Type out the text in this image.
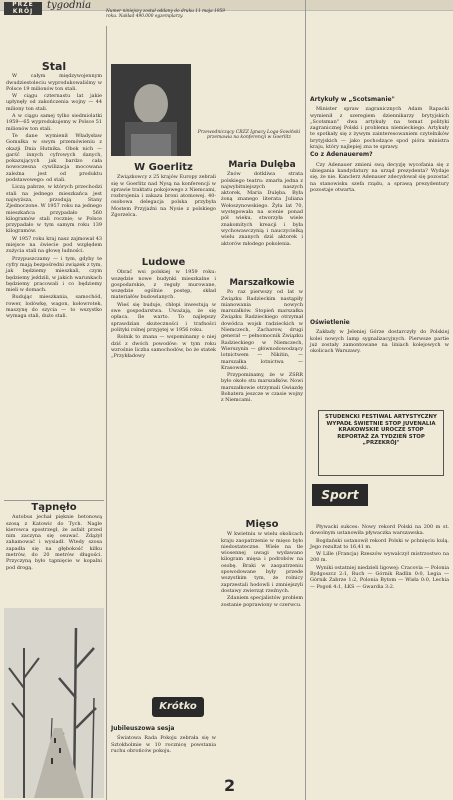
PRZE KRÓJ	tygodnia
Numer niniejszy został oddany do druku 11 maja 1959 roku. Nakład 490.000 egzemplarzy.
Stal

W całym międzywojennym dwudziestoleciu wyprodukowaliśmy w Polsce 19 milionów ton stali.

W ciągu czternastu lat jakie upłynęły od zakończenia wojny — 44 miliony ton stali.

A w ciągu samej tylko siedmiolatki 1959—65 wyprodukujemy w Polsce 51 milionów ton stali.

Te dane wymienił Władysław Gomułka w swym przemówieniu z okazji Dnia Hutnika. Obok nich — garść innych cyfrowych danych, pokazujących jak bardzo cała nowoczesna cywilizacja mocowana zależna jest od produktu podstawowego: od stali.

Liczą pabrze, w których przechodzi stali na jednego mieszkańca jest najwyższa, przodują Stany Zjednoczone. W 1957 roku na jednego mieszkańca przypadało 560 kilogramów stali rocznie; w Polsce przypadało w tym samym roku 139 kilogramów.

W 1957 roku kraj nasz zajmował 43 miejsce na świecie pod względem zużycia stali na głowę ludności.

Przypuszczamy — i tym, gdyby te cyfry mają bezpośredni związek z tym, jak będziemy mieszkali, czym będziemy jeździli, w jakich warunkach będziemy pracowali i co będziemy mieli w domach.

Budując mieszkania, samochód, rower, lodówkę, wagon, kołowrotek, maszynę do szycia — to wszystko wymaga stali, dużo stali.

Tąpnęło

Autobus jechał pięknie betonową szosą z Katowic do Tych. Nagle kierowca spostrzegł, że asfalt przed nim zaczyna się osuwać. Zdążył zahamować i wysiadł. Wtedy szosa zapadła się na głębokość kilku metrów, do 20 metrów długości. Przyczyną było tąpnięcie w kopalni pod drogą.

Przewodniczący CRZZ Ignacy Loga-Sowiński przemawia na konferencji w Goerlitz
Maria Dulęba

Znów dotkliwa strata polskiego teatru: zmarła jedna z najwybitniejszych naszych aktorek, Maria Dulęba. Była żoną znanego literata Juliana Wołoszynowskiego. Żyła lat 70, występowała na scenie ponad pół wieku, stworzyła wiele znakomitych kreacji i była wychowawczynią i nauczycielką wielu znanych dziś aktorek i aktorów młodego pokolenia.

W Goerlitz

Związkowcy z 25 krajów Europy zebrali się w Goerlitz nad Nysą na konferencji w sprawie traktatu pokojowego z Niemcami, rozbrojenia i zakazu broni atomowej. 40-osobowa delegacja polska przybyła Mostem Przyjaźni na Nysie z polskiego Zgorzelca.

Ludowe

Obrać wsi polskiej w 1959 roku: wszędzie nowe budynki mieszkalne i gospodarskie, z reguły murowane, wszędzie ogólnie postęp, skład materiałów budowlanych.

Wieś się buduje, chłopi inwestują w swe gospodarstwa. Uważają, że się opłaca. Ile warto. To najlepszy sprawdzian skuteczności i trafności polityki rolnej przyjętej w 1956 roku.

Rolnik to znana — wspominamy o niej dziś z dwóch powodów: w tym roku wzrośnie liczba samochodów, bo że statek „Przykładowy

Marszałkowie

Po raz pierwszy od lat w Związku Radzieckim nastąpiły mianowania nowych marszałków. Stopień marszałka Związku Radzieckiego otrzymał dowódca wojsk radzieckich w Niemczech, Zacharow, drugi generał — pełnomocnik Związku Radzieckiego w Niemczech, Wierszynin — głównodowodzący lotnictwem — Nikitin, — marszałka lotnictwa — Krasowski.

Przypominamy, że w ZSRR było około stu marszałków. Nowi marszałkowie otrzymali Gwiazdę Bohatera jeszcze w czasie wojny z Niemcami.

Mięso

W kwietniu w wielu okolicach kraju zaopatrzenie w mięso było niedostateczne. Wiele na tle wiosennej uwagi wydawano kilogram mięsa i podrobów na osobę. Braki w zaopatrzeniu spowodowane były przede wszystkim tym, że rolnicy zaprzestali hodowli i zmniejszyli dostawy zwierząt rzeźnych.

Zdaniem specjalistów problem zostanie poprawiony w czerwcu.

Krótko
Jubileuszowa sesja

Światowa Rada Pokoju zebrała się w Sztokholmie w 10 rocznicę powstania ruchu obrońców pokoju.

2
Artykuły w „Scotsmanie"

Minister spraw zagranicznych Adam Rapacki wymienił z szeregiem dziennikarzy brytyjskich „Scotsman" dwa artykuły na temat polityki zagranicznej Polski i problemu niemieckiego. Artykuły te spotkały się z żywym zainteresowaniem czytelników brytyjskich — jako pochodzące spod pióra ministra kraju, który najlepiej zna te sprawy.

Co z Adenauerem?

Czy Adenauer zmieni swą decyzję wycofania się z ubiegania kandydatury na urząd prezydenta? Wydaje się, że nie. Kanclerz Adenauer zdecydował się pozostać na stanowisku szefa rządu, a sprawą prezydentury pozostaje otwarta.

Oświetlenie

Zakłady w Jeleniej Górze dostarczyły do Polskiej kolei nowych lamp sygnalizacyjnych. Pierwsze partie już zostały zamontowane na liniach kolejowych w okolicach Warszawy.

STUDENCKI FESTIWAL ARTYSTYCZNY WYPADŁ ŚWIETNIE STOP JUVENALIA KRAKOWSKIE UROCZE STOP REPORTAŻ ZA TYDZIEŃ STOP „PRZEKRÓJ"
Sport

Pływacki sukces: Nowy rekord Polski na 200 m st. dowolnym ustanowiła pływaczka warszawska.

Bogdański ustanowił rekord Polski w pchnięciu kulą. Jego rezultat to 16,41 m.

W Lille (Francja) Rzeszów wywalczył mistrzostwo na 200 m.

Wyniki ostatniej niedzieli ligowej: Cracovia — Polonia Bydgoszcz 2:1, Ruch — Górnik Radlin 0:0, Legia — Górnik Zabrze 1:2, Polonia Bytom — Wisła 0:0, Lechia — Pogoń 4:1, ŁKS — Gwardia 3:2.
